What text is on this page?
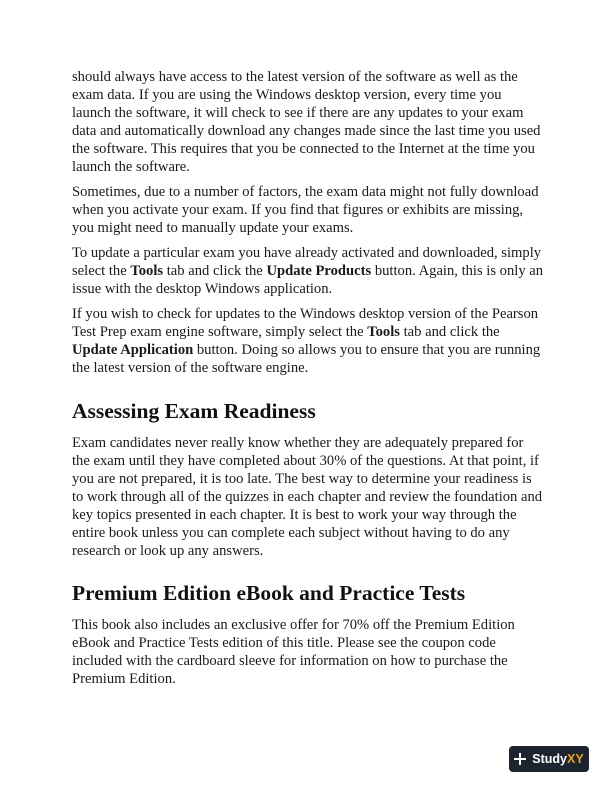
should always have access to the latest version of the software as well as the exam data. If you are using the Windows desktop version, every time you launch the software, it will check to see if there are any updates to your exam data and automatically download any changes made since the last time you used the software. This requires that you be connected to the Internet at the time you launch the software.

Sometimes, due to a number of factors, the exam data might not fully download when you activate your exam. If you find that figures or exhibits are missing, you might need to manually update your exams.

To update a particular exam you have already activated and downloaded, simply select the Tools tab and click the Update Products button. Again, this is only an issue with the desktop Windows application.

If you wish to check for updates to the Windows desktop version of the Pearson Test Prep exam engine software, simply select the Tools tab and click the Update Application button. Doing so allows you to ensure that you are running the latest version of the software engine.

Assessing Exam Readiness

Exam candidates never really know whether they are adequately prepared for the exam until they have completed about 30% of the questions. At that point, if you are not prepared, it is too late. The best way to determine your readiness is to work through all of the quizzes in each chapter and review the foundation and key topics presented in each chapter. It is best to work your way through the entire book unless you can complete each subject without having to do any research or look up any answers.

Premium Edition eBook and Practice Tests

This book also includes an exclusive offer for 70% off the Premium Edition eBook and Practice Tests edition of this title. Please see the coupon code included with the cardboard sleeve for information on how to purchase the Premium Edition.

StudyXY
